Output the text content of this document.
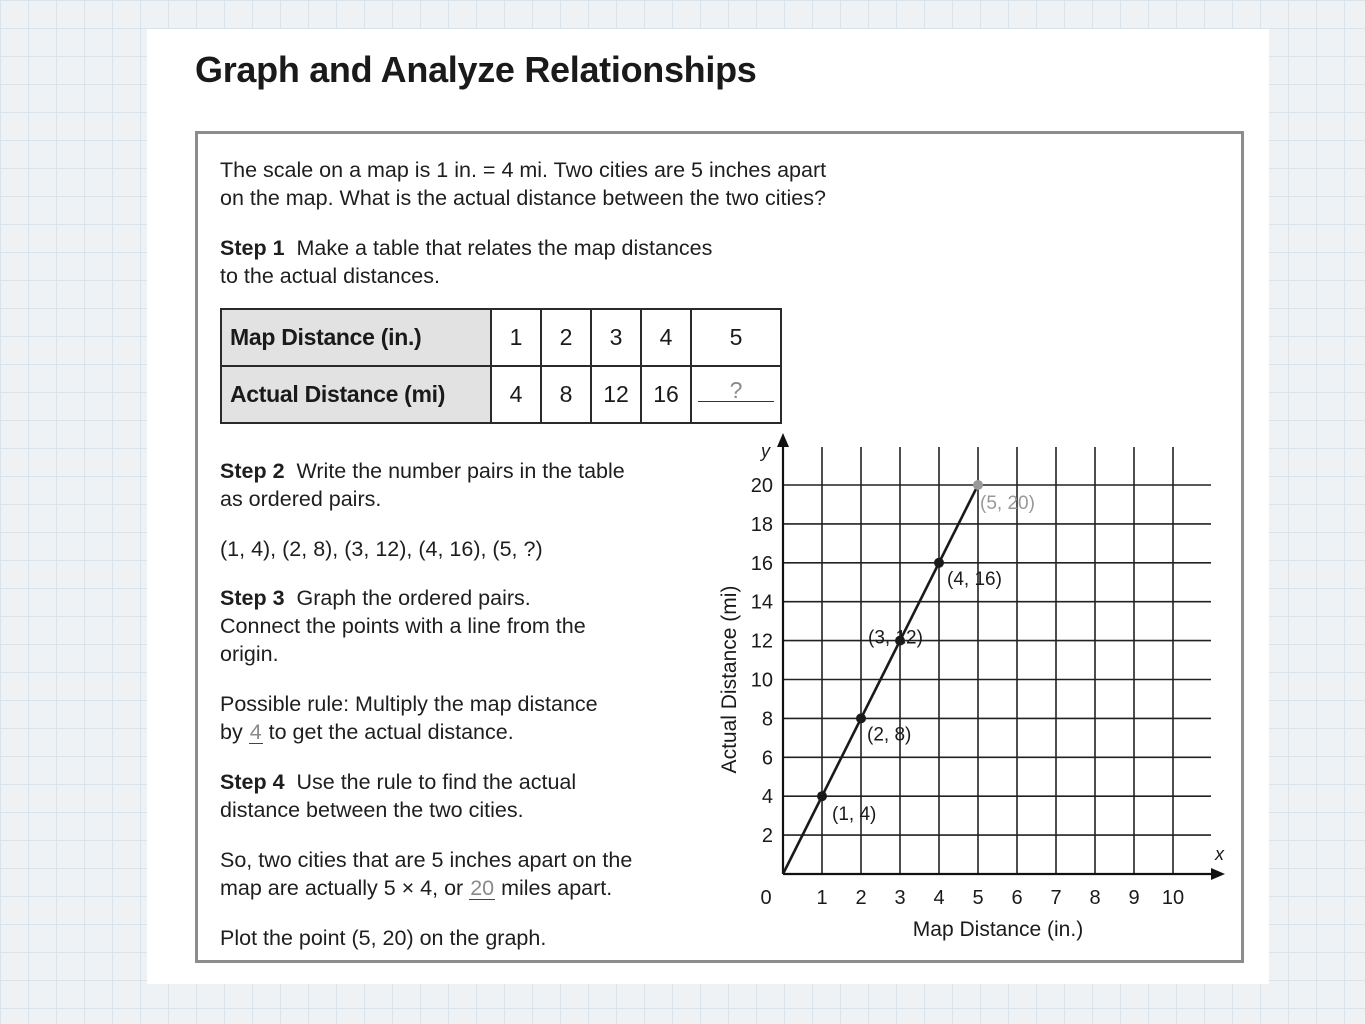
Graph and Analyze Relationships

The scale on a map is 1 in. = 4 mi. Two cities are 5 inches apart

on the map. What is the actual distance between the two cities?

Step 1 Make a table that relates the map distances

to the actual distances.

Map Distance (in.)	1	2	3	4	5
Actual Distance (mi)	4	8	12	16	?

Step 2 Write the number pairs in the table

as ordered pairs.

(1, 4), (2, 8), (3, 12), (4, 16), (5, ?)

Step 3 Graph the ordered pairs.

Connect the points with a line from the

origin.

Possible rule: Multiply the map distance

by 4 to get the actual distance.

Step 4 Use the rule to find the actual

distance between the two cities.

So, two cities that are 5 inches apart on the

map are actually 5 × 4, or 20 miles apart.

Plot the point (5, 20) on the graph.

x
y
0 1 2 3 4 5 6 7 8 9 10
2
4
6
8
10
12
14
16
18
20
Map Distance (in.)
Actual Distance (mi)
(1, 4)
(2, 8)
(3, 12)
(4, 16)
(5, 20)
